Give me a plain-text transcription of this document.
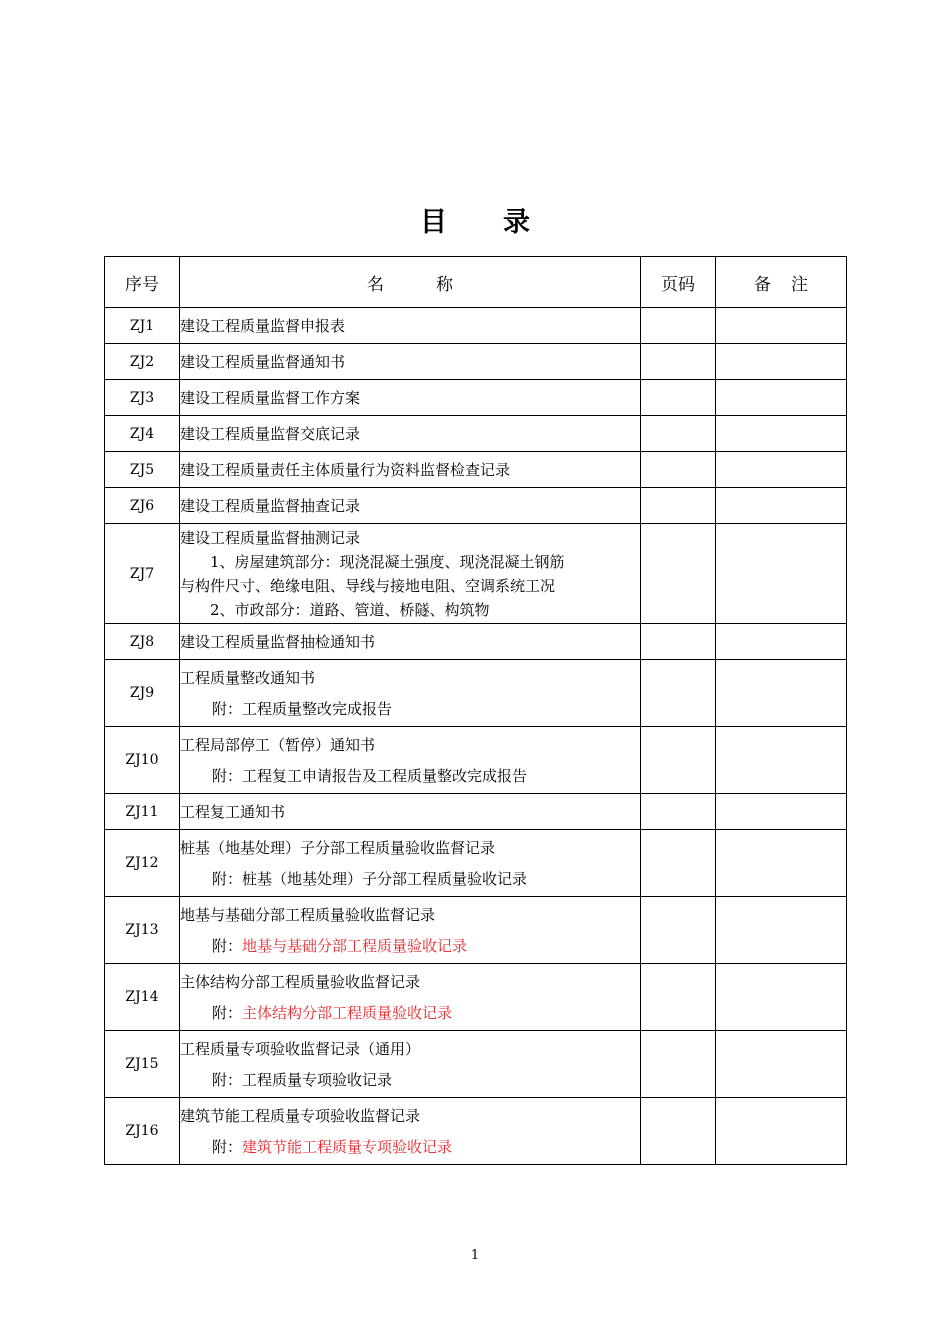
目 录
序号	名 称	页码	备 注
ZJ1	建设工程质量监督申报表		

ZJ2	建设工程质量监督通知书		

ZJ3	建设工程质量监督工作方案		

ZJ4	建设工程质量监督交底记录		

ZJ5	建设工程质量责任主体质量行为资料监督检查记录		

ZJ6	建设工程质量监督抽查记录		

ZJ7	建设工程质量监督抽测记录
1、房屋建筑部分：现浇混凝土强度、现浇混凝土钢筋
与构件尺寸、绝缘电阻、导线与接地电阻、空调系统工况
2、市政部分：道路、管道、桥隧、构筑物		

ZJ8	建设工程质量监督抽检通知书		

ZJ9	工程质量整改通知书
附：工程质量整改完成报告		

ZJ10	工程局部停工（暂停）通知书
附：工程复工申请报告及工程质量整改完成报告		

ZJ11	工程复工通知书		

ZJ12	桩基（地基处理）子分部工程质量验收监督记录
附：桩基（地基处理）子分部工程质量验收记录		

ZJ13	地基与基础分部工程质量验收监督记录
附：地基与基础分部工程质量验收记录		

ZJ14	主体结构分部工程质量验收监督记录
附：主体结构分部工程质量验收记录		

ZJ15	工程质量专项验收监督记录（通用）
附：工程质量专项验收记录		

ZJ16	建筑节能工程质量专项验收监督记录
附：建筑节能工程质量专项验收记录		

1
